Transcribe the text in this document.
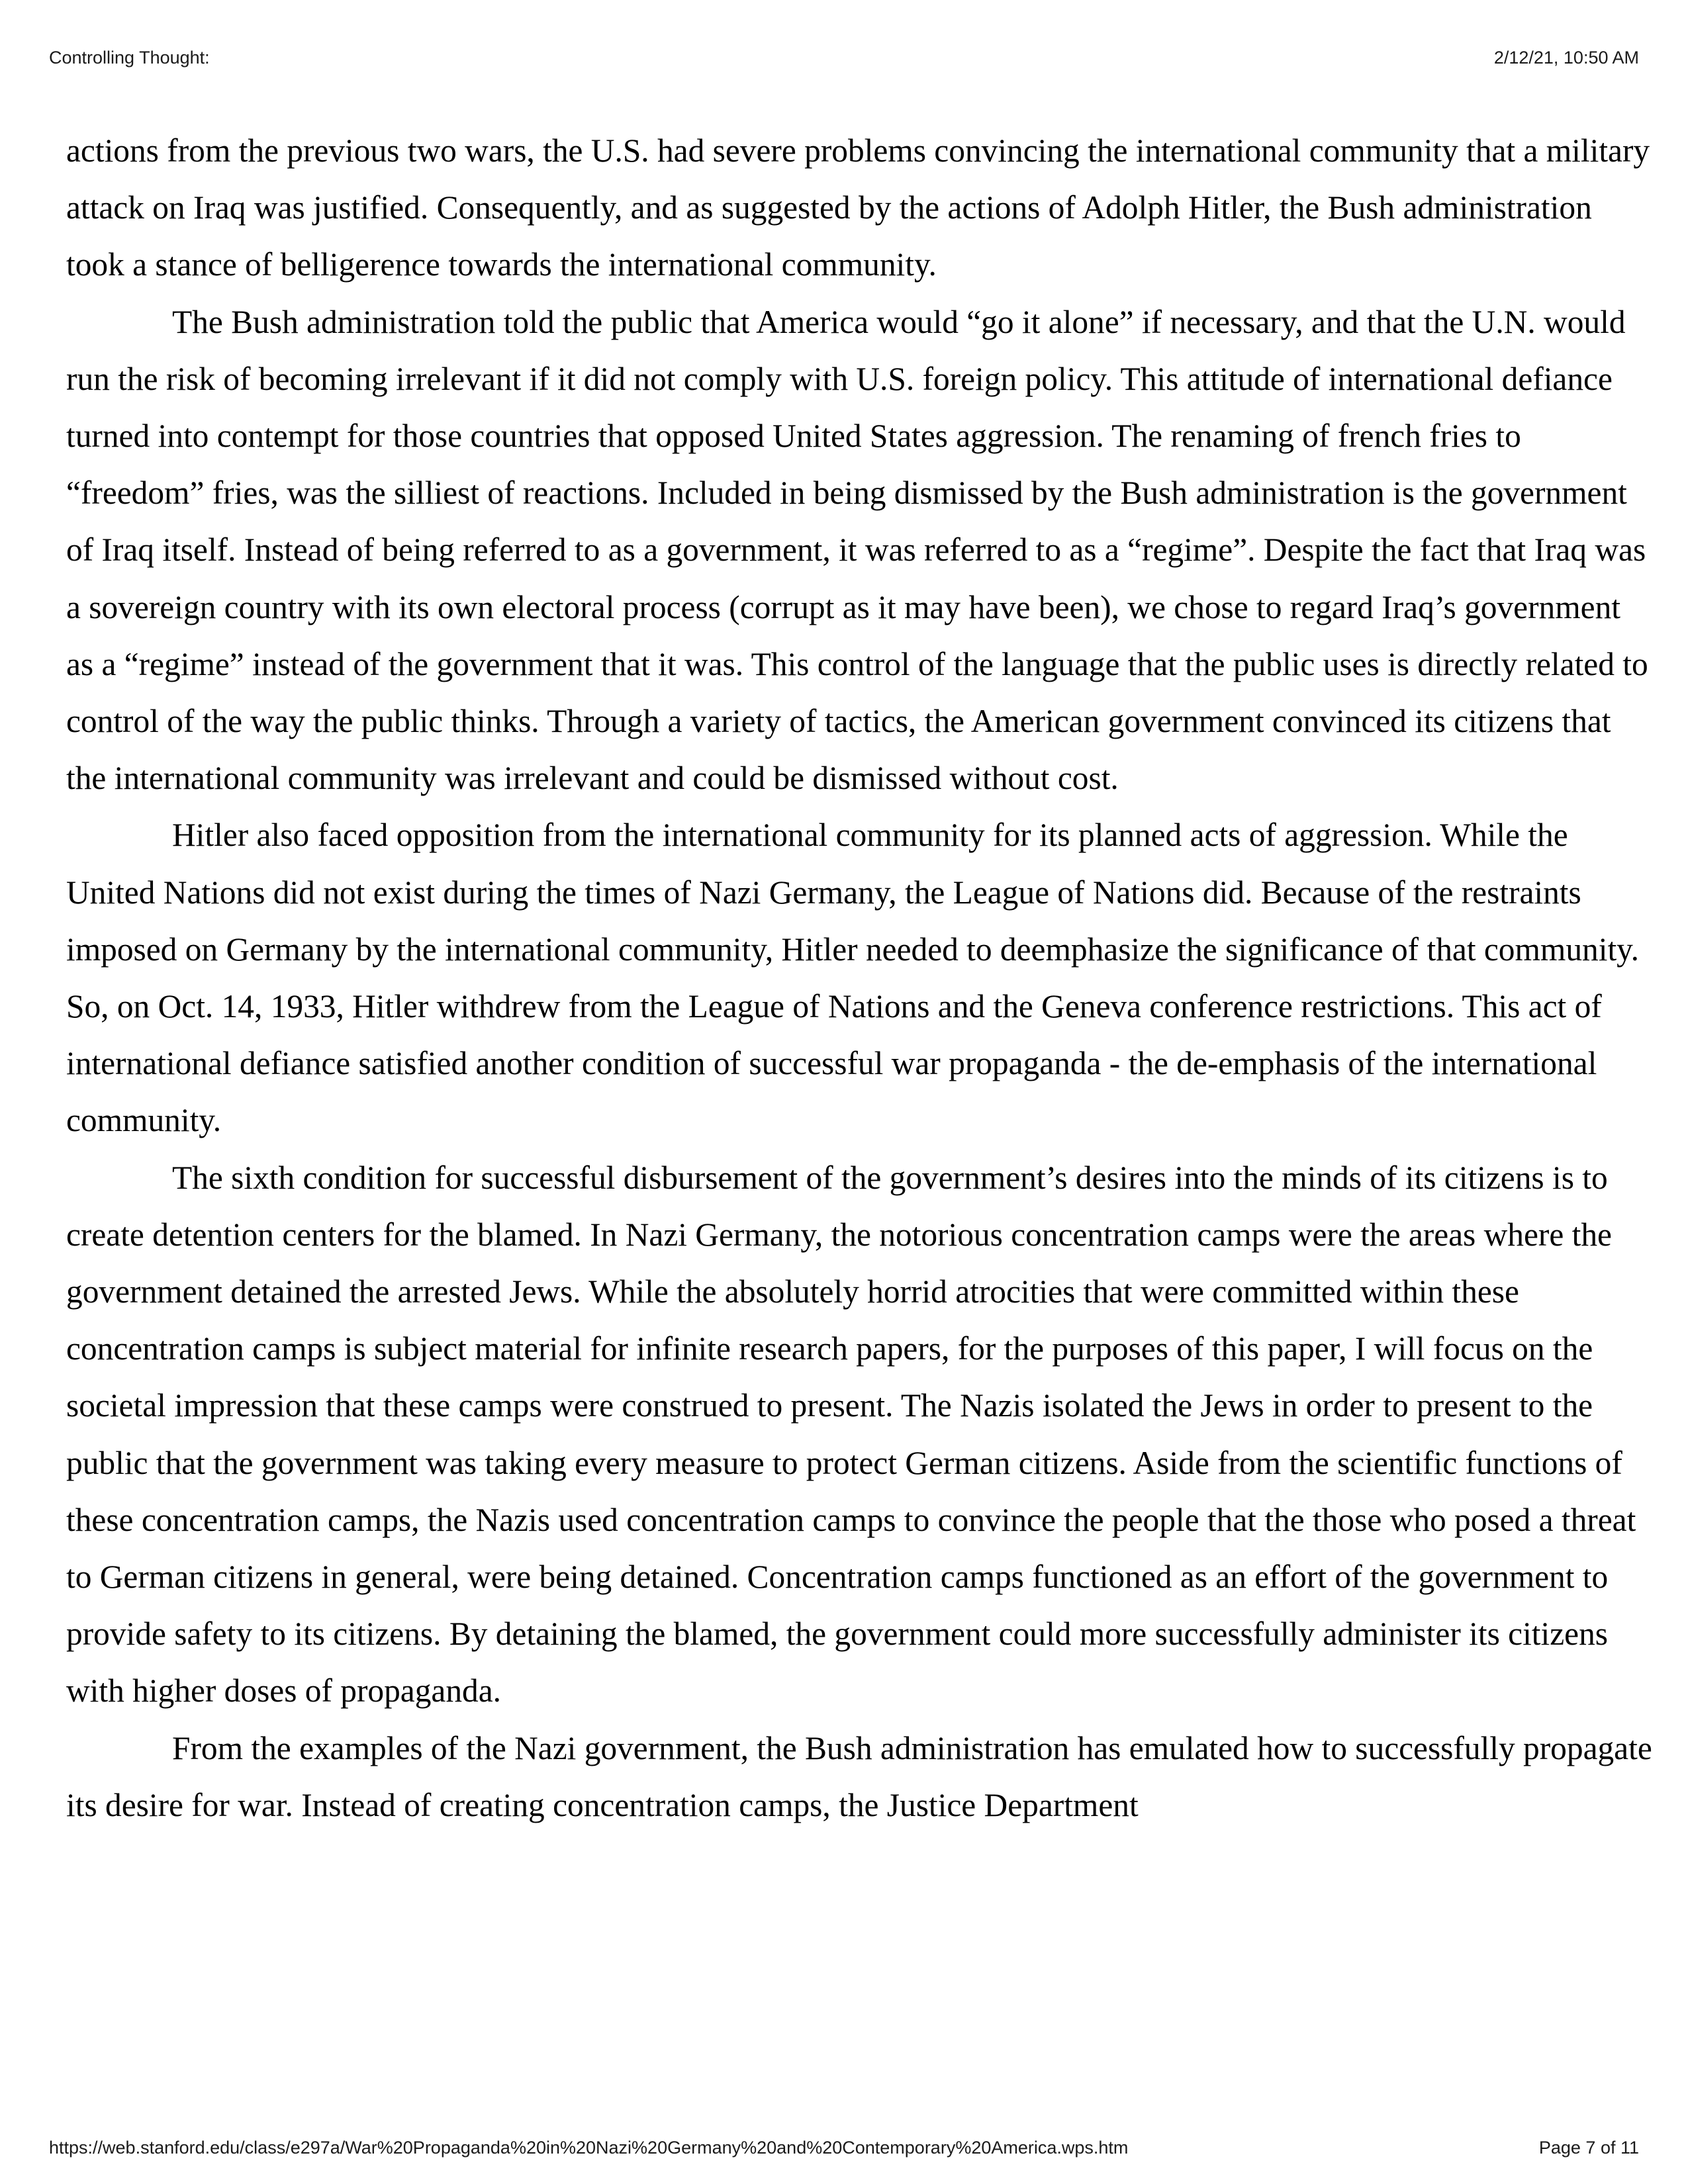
Controlling Thought:	2/12/21, 10:50 AM

actions from the previous two wars, the U.S. had severe problems convincing the international community that a military attack on Iraq was justified. Consequently, and as suggested by the actions of Adolph Hitler, the Bush administration took a stance of belligerence towards the international community.

The Bush administration told the public that America would “go it alone” if necessary, and that the U.N. would run the risk of becoming irrelevant if it did not comply with U.S. foreign policy. This attitude of international defiance turned into contempt for those countries that opposed United States aggression. The renaming of french fries to “freedom” fries, was the silliest of reactions. Included in being dismissed by the Bush administration is the government of Iraq itself. Instead of being referred to as a government, it was referred to as a “regime”. Despite the fact that Iraq was a sovereign country with its own electoral process (corrupt as it may have been), we chose to regard Iraq’s government as a “regime” instead of the government that it was. This control of the language that the public uses is directly related to control of the way the public thinks. Through a variety of tactics, the American government convinced its citizens that the international community was irrelevant and could be dismissed without cost.

Hitler also faced opposition from the international community for its planned acts of aggression. While the United Nations did not exist during the times of Nazi Germany, the League of Nations did. Because of the restraints imposed on Germany by the international community, Hitler needed to deemphasize the significance of that community. So, on Oct. 14, 1933, Hitler withdrew from the League of Nations and the Geneva conference restrictions. This act of international defiance satisfied another condition of successful war propaganda - the de-emphasis of the international community.

The sixth condition for successful disbursement of the government’s desires into the minds of its citizens is to create detention centers for the blamed. In Nazi Germany, the notorious concentration camps were the areas where the government detained the arrested Jews. While the absolutely horrid atrocities that were committed within these concentration camps is subject material for infinite research papers, for the purposes of this paper, I will focus on the societal impression that these camps were construed to present. The Nazis isolated the Jews in order to present to the public that the government was taking every measure to protect German citizens. Aside from the scientific functions of these concentration camps, the Nazis used concentration camps to convince the people that the those who posed a threat to German citizens in general, were being detained. Concentration camps functioned as an effort of the government to provide safety to its citizens. By detaining the blamed, the government could more successfully administer its citizens with higher doses of propaganda.

From the examples of the Nazi government, the Bush administration has emulated how to successfully propagate its desire for war. Instead of creating concentration camps, the Justice Department

https://web.stanford.edu/class/e297a/War%20Propaganda%20in%20Nazi%20Germany%20and%20Contemporary%20America.wps.htm	Page 7 of 11
